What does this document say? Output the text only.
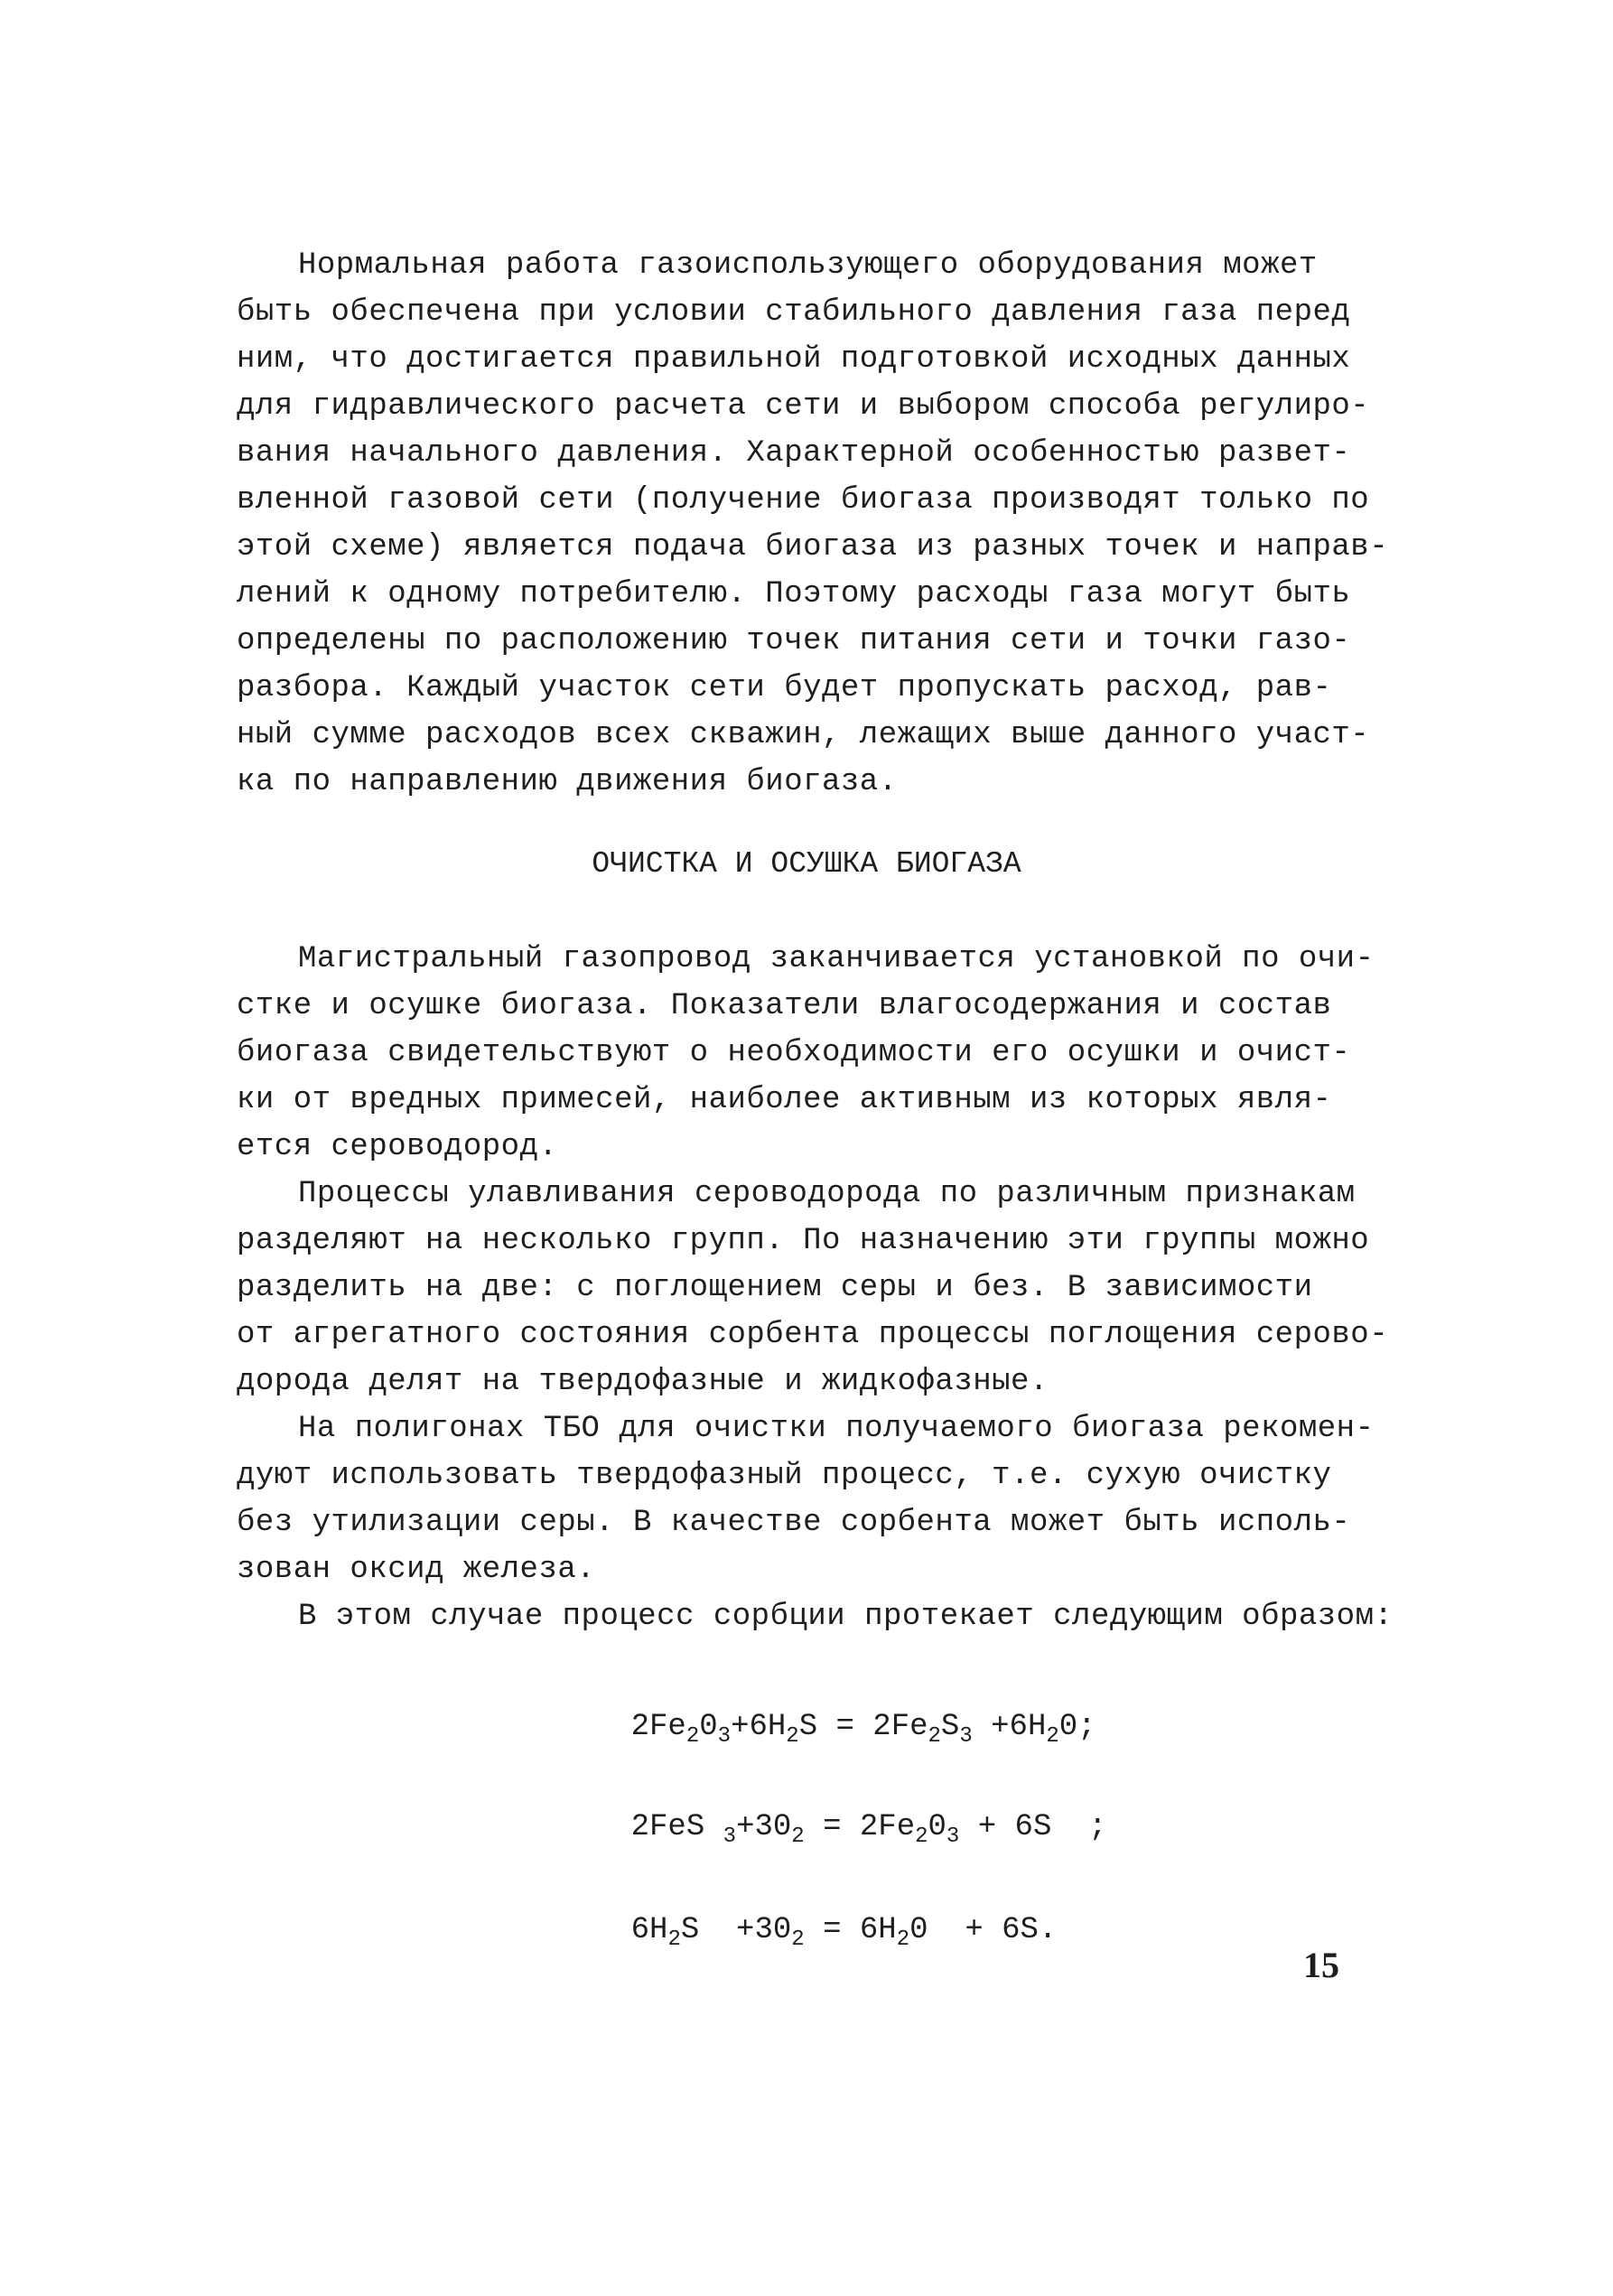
Нормальная работа газоиспользующего оборудования может
быть обеспечена при условии стабильного давления газа перед
ним, что достигается правильной подготовкой исходных данных
для гидравлического расчета сети и выбором способа регулиро-
вания начального давления. Характерной особенностью развет-
вленной газовой сети (получение биогаза производят только по
этой схеме) является подача биогаза из разных точек и направ-
лений к одному потребителю. Поэтому расходы газа могут быть
определены по расположению точек питания сети и точки газо-
разбора. Каждый участок сети будет пропускать расход, рав-
ный сумме расходов всех скважин, лежащих выше данного участ-
ка по направлению движения биогаза.
ОЧИСТКА И ОСУШКА БИОГАЗА
Магистральный газопровод заканчивается установкой по очи-
стке и осушке биогаза. Показатели влагосодержания и состав
биогаза свидетельствуют о необходимости его осушки и очист-
ки от вредных примесей, наиболее активным из которых явля-
ется сероводород.
Процессы улавливания сероводорода по различным признакам
разделяют на несколько групп. По назначению эти группы можно
разделить на две: с поглощением серы и без. В зависимости
от агрегатного состояния сорбента процессы поглощения серово-
дорода делят на твердофазные и жидкофазные.
На полигонах ТБО для очистки получаемого биогаза рекомен-
дуют использовать твердофазный процесс, т.е. сухую очистку
без утилизации серы. В качестве сорбента может быть исполь-
зован оксид железа.
В этом случае процесс сорбции протекает следующим образом:

$2Fe_20_3+6H_2S = 2Fe_2S_3 +6H_20$;

2FeS $_3+30_2 = 2Fe_20_3 + 6S$  ;

$6H_2S +30_2 = 6H_20 + 6S$.

15
